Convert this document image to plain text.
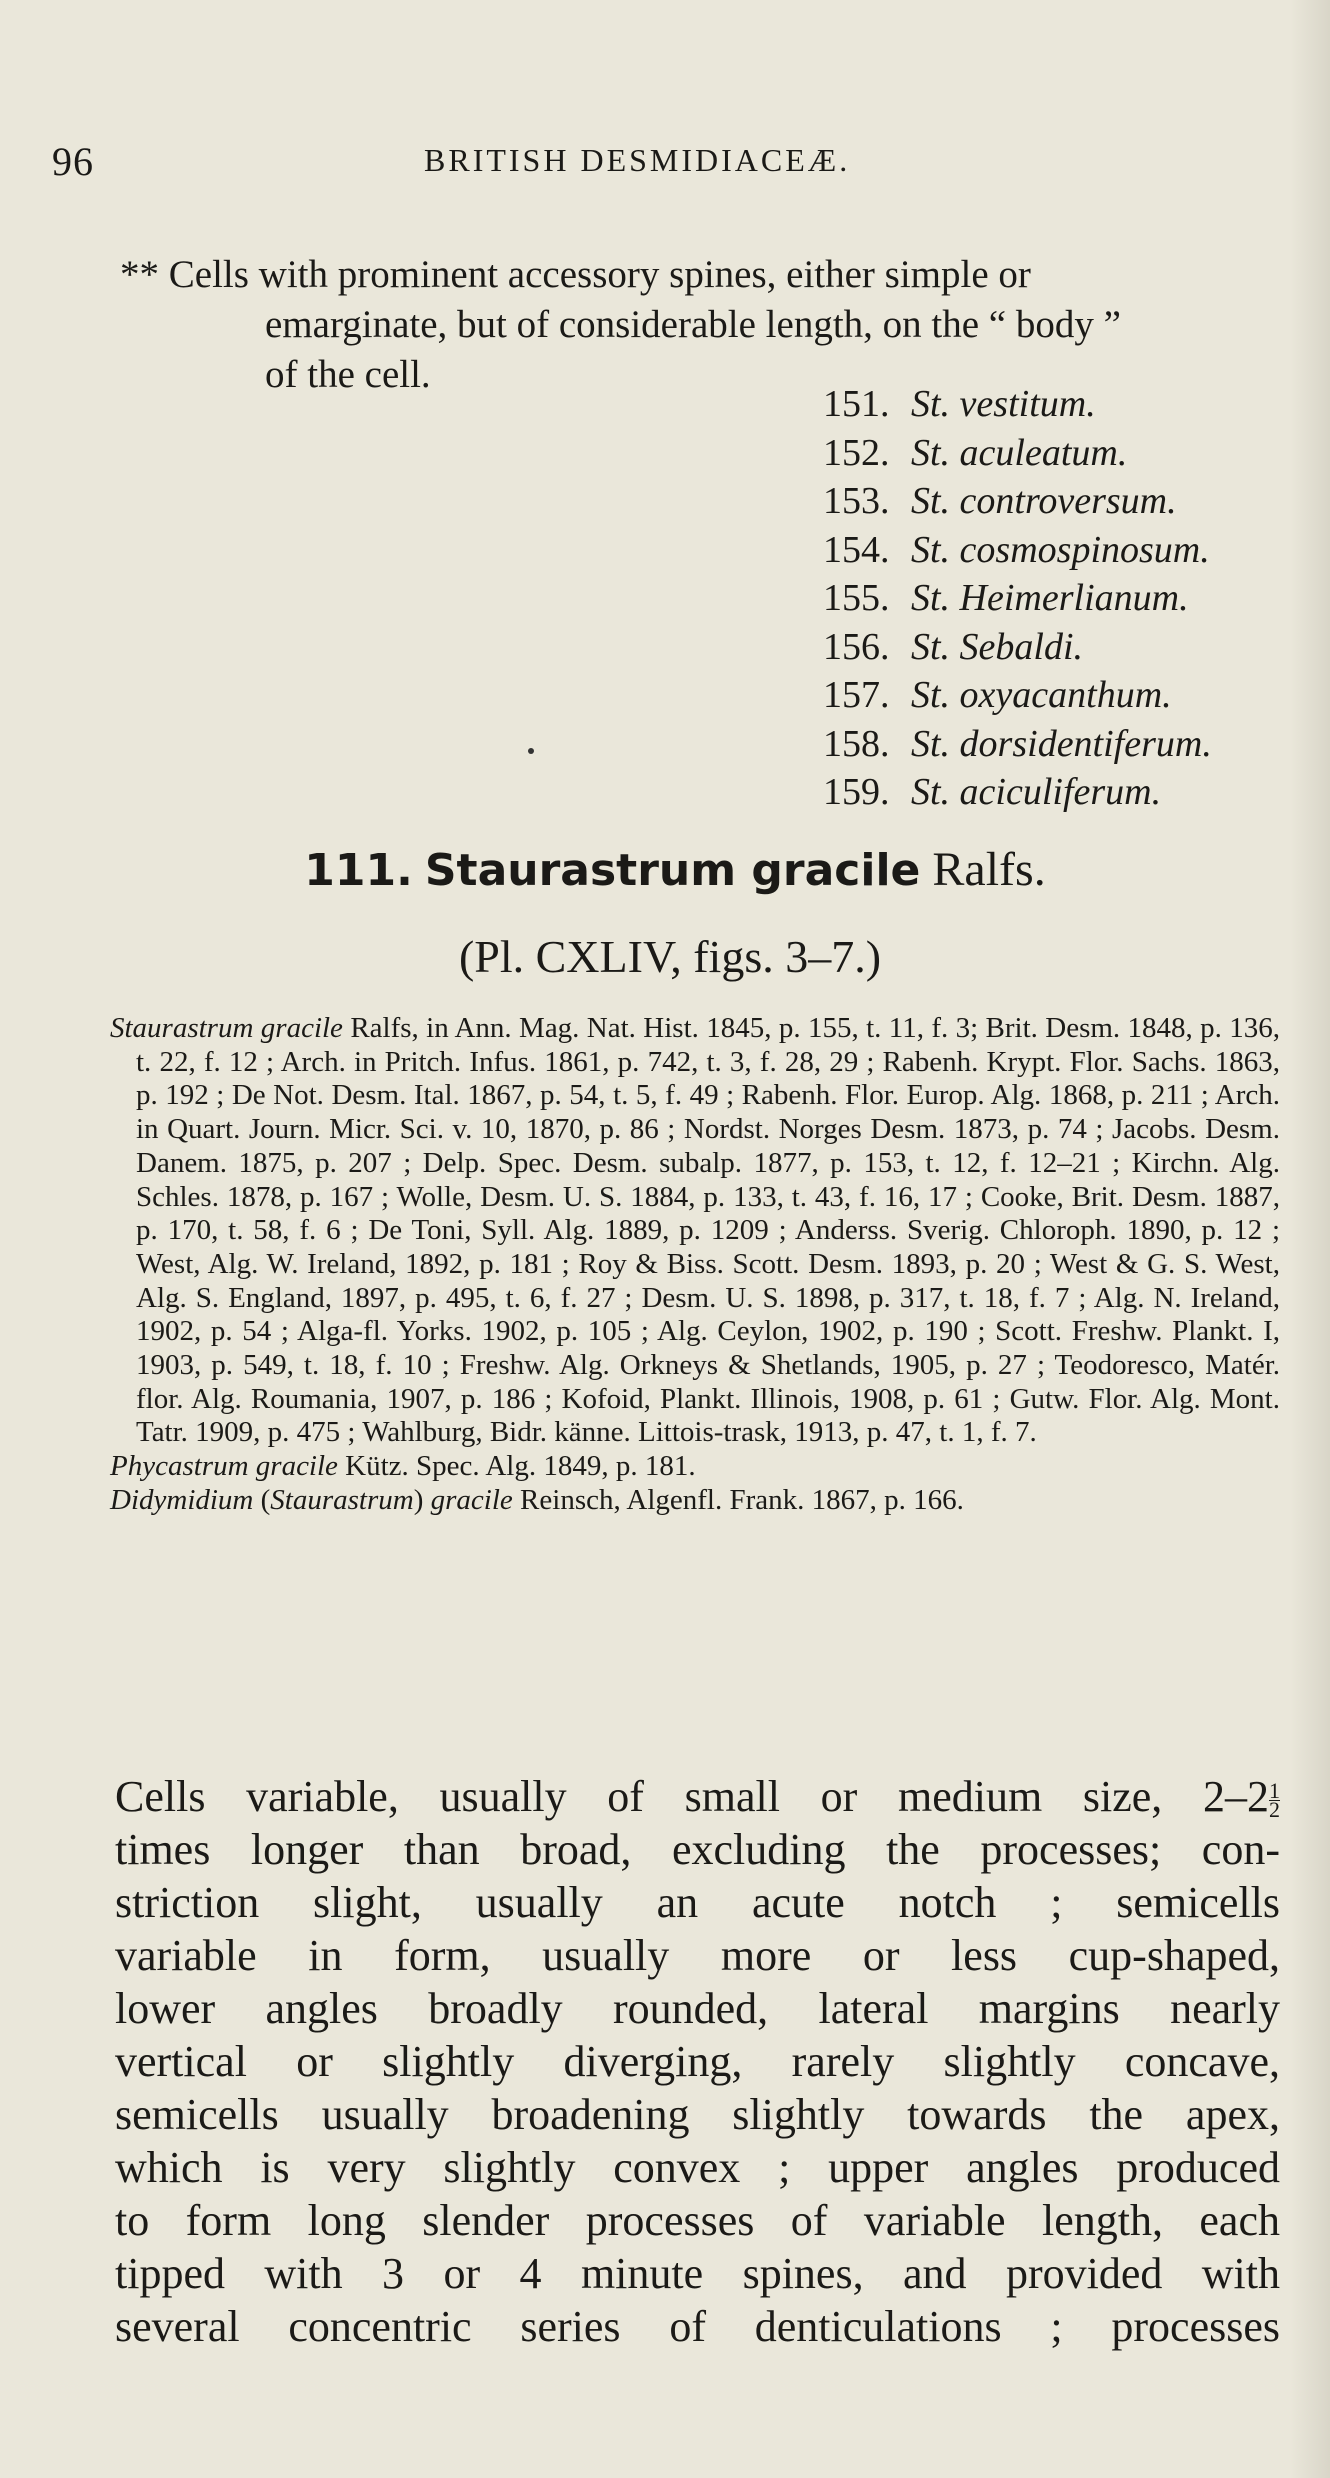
96	BRITISH DESMIDIACEÆ.
** Cells with prominent accessory spines, either simple or
emarginate, but of considerable length, on the “ body ”
of the cell.
151. St. vestitum.
152. St. aculeatum.
153. St. controversum.
154. St. cosmospinosum.
155. St. Heimerlianum.
156. St. Sebaldi.
157. St. oxyacanthum.
158. St. dorsidentiferum.
159. St. aciculiferum.
111. Staurastrum gracile Ralfs.
(Pl. CXLIV, figs. 3–7.)

Staurastrum gracile Ralfs, in Ann. Mag. Nat. Hist. 1845, p. 155, t. 11, f. 3; Brit. Desm. 1848, p. 136, t. 22, f. 12 ; Arch. in Pritch. Infus. 1861, p. 742, t. 3, f. 28, 29 ; Rabenh. Krypt. Flor. Sachs. 1863, p. 192 ; De Not. Desm. Ital. 1867, p. 54, t. 5, f. 49 ; Rabenh. Flor. Europ. Alg. 1868, p. 211 ; Arch. in Quart. Journ. Micr. Sci. v. 10, 1870, p. 86 ; Nordst. Norges Desm. 1873, p. 74 ; Jacobs. Desm. Danem. 1875, p. 207 ; Delp. Spec. Desm. subalp. 1877, p. 153, t. 12, f. 12–21 ; Kirchn. Alg. Schles. 1878, p. 167 ; Wolle, Desm. U. S. 1884, p. 133, t. 43, f. 16, 17 ; Cooke, Brit. Desm. 1887, p. 170, t. 58, f. 6 ; De Toni, Syll. Alg. 1889, p. 1209 ; Anderss. Sverig. Chloroph. 1890, p. 12 ; West, Alg. W. Ireland, 1892, p. 181 ; Roy & Biss. Scott. Desm. 1893, p. 20 ; West & G. S. West, Alg. S. England, 1897, p. 495, t. 6, f. 27 ; Desm. U. S. 1898, p. 317, t. 18, f. 7 ; Alg. N. Ireland, 1902, p. 54 ; Alga-fl. Yorks. 1902, p. 105 ; Alg. Ceylon, 1902, p. 190 ; Scott. Freshw. Plankt. I, 1903, p. 549, t. 18, f. 10 ; Freshw. Alg. Orkneys & Shetlands, 1905, p. 27 ; Teodoresco, Matér. flor. Alg. Roumania, 1907, p. 186 ; Kofoid, Plankt. Illinois, 1908, p. 61 ; Gutw. Flor. Alg. Mont. Tatr. 1909, p. 475 ; Wahlburg, Bidr. känne. Littois-trask, 1913, p. 47, t. 1, f. 7.

Phycastrum gracile Kütz. Spec. Alg. 1849, p. 181.

Didymidium (Staurastrum) gracile Reinsch, Algenfl. Frank. 1867, p. 166.

Cells variable, usually of small or medium size, $2-2 \frac{1}{2}$
times longer than broad, excluding the processes; con-
striction slight, usually an acute notch ; semicells
variable in form, usually more or less cup-shaped,
lower angles broadly rounded, lateral margins nearly
vertical or slightly diverging, rarely slightly concave,
semicells usually broadening slightly towards the apex,
which is very slightly convex ; upper angles produced
to form long slender processes of variable length, each
tipped with 3 or 4 minute spines, and provided with
several concentric series of denticulations ; processes
